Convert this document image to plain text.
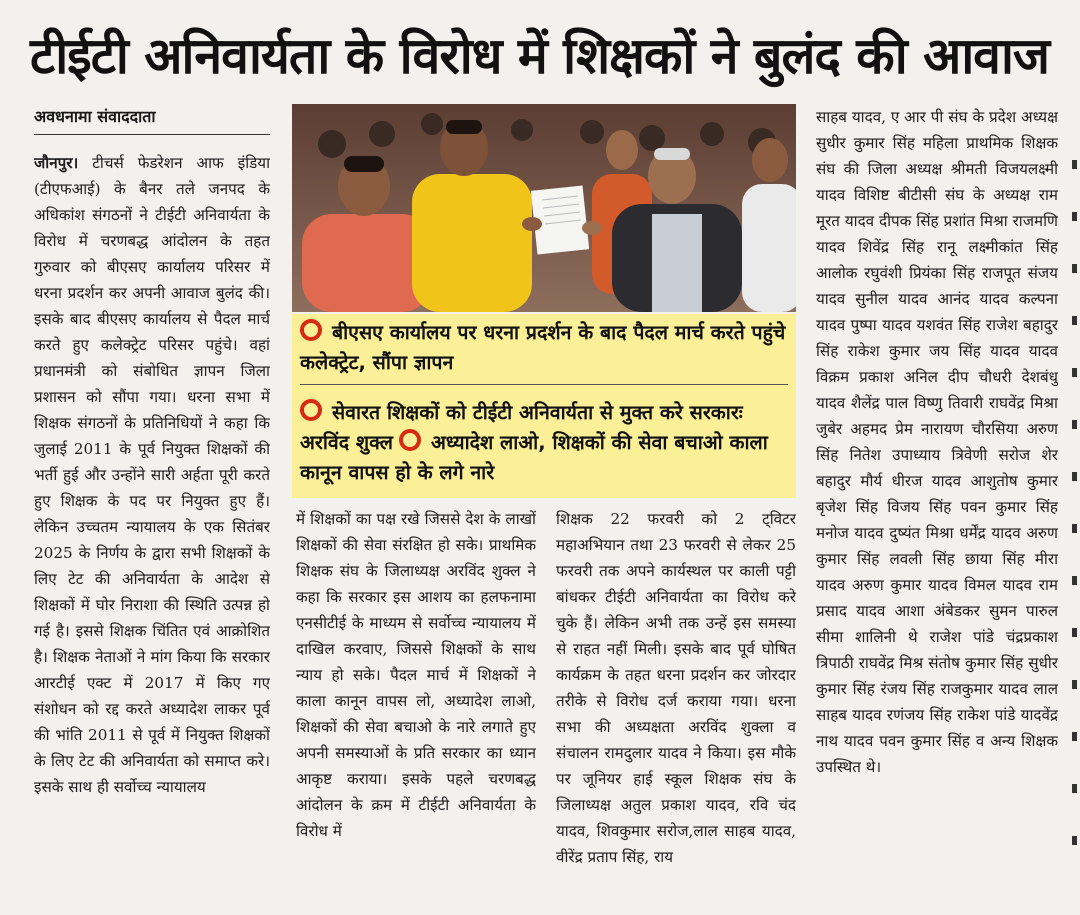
टीईटी अनिवार्यता के विरोध में शिक्षकों ने बुलंद की आवाज
अवधनामा संवाददाता
जौनपुर। टीचर्स फेडरेशन आफ इंडिया (टीएफआई) के बैनर तले जनपद के अधिकांश संगठनों ने टीईटी अनिवार्यता के विरोध में चरणबद्ध आंदोलन के तहत गुरुवार को बीएसए कार्यालय परिसर में धरना प्रदर्शन कर अपनी आवाज बुलंद की। इसके बाद बीएसए कार्यालय से पैदल मार्च करते हुए कलेक्ट्रेट परिसर पहुंचे। वहां प्रधानमंत्री को संबोधित ज्ञापन जिला प्रशासन को सौंपा गया। धरना सभा में शिक्षक संगठनों के प्रतिनिधियों ने कहा कि जुलाई 2011 के पूर्व नियुक्त शिक्षकों की भर्ती हुई और उन्होंने सारी अर्हता पूरी करते हुए शिक्षक के पद पर नियुक्त हुए हैं। लेकिन उच्चतम न्यायालय के एक सितंबर 2025 के निर्णय के द्वारा सभी शिक्षकों के लिए टेट की अनिवार्यता के आदेश से शिक्षकों में घोर निराशा की स्थिति उत्पन्न हो गई है। इससे शिक्षक चिंतित एवं आक्रोशित है। शिक्षक नेताओं ने मांग किया कि सरकार आरटीई एक्ट में 2017 में किए गए संशोधन को रद्द करते अध्यादेश लाकर पूर्व की भांति 2011 से पूर्व में नियुक्त शिक्षकों के लिए टेट की अनिवार्यता को समाप्त करे। इसके साथ ही सर्वोच्च न्यायालय
बीएसए कार्यालय पर धरना प्रदर्शन के बाद पैदल मार्च करते पहुंचे कलेक्ट्रेट, सौंपा ज्ञापन
सेवारत शिक्षकों को टीईटी अनिवार्यता से मुक्त करे सरकारः अरविंद शुक्ल अध्यादेश लाओ, शिक्षकों की सेवा बचाओ काला कानून वापस हो के लगे नारे
में शिक्षकों का पक्ष रखे जिससे देश के लाखों शिक्षकों की सेवा संरक्षित हो सके। प्राथमिक शिक्षक संघ के जिलाध्यक्ष अरविंद शुक्ल ने कहा कि सरकार इस आशय का हलफनामा एनसीटीई के माध्यम से सर्वोच्च न्यायालय में दाखिल करवाए, जिससे शिक्षकों के साथ न्याय हो सके। पैदल मार्च में शिक्षकों ने काला कानून वापस लो, अध्यादेश लाओ, शिक्षकों की सेवा बचाओ के नारे लगाते हुए अपनी समस्याओं के प्रति सरकार का ध्यान आकृष्ट कराया। इसके पहले चरणबद्ध आंदोलन के क्रम में टीईटी अनिवार्यता के विरोध में
शिक्षक 22 फरवरी को 2 ट्विटर महाअभियान तथा 23 फरवरी से लेकर 25 फरवरी तक अपने कार्यस्थल पर काली पट्टी बांधकर टीईटी अनिवार्यता का विरोध करे चुके हैं। लेकिन अभी तक उन्हें इस समस्या से राहत नहीं मिली। इसके बाद पूर्व घोषित कार्यक्रम के तहत धरना प्रदर्शन कर जोरदार तरीके से विरोध दर्ज कराया गया। धरना सभा की अध्यक्षता अरविंद शुक्ला व संचालन रामदुलार यादव ने किया। इस मौके पर जूनियर हाई स्कूल शिक्षक संघ के जिलाध्यक्ष अतुल प्रकाश यादव, रवि चंद यादव, शिवकुमार सरोज,लाल साहब यादव, वीरेंद्र प्रताप सिंह, राय
साहब यादव, ए आर पी संघ के प्रदेश अध्यक्ष सुधीर कुमार सिंह महिला प्राथमिक शिक्षक संघ की जिला अध्यक्ष श्रीमती विजयलक्ष्मी यादव विशिष्ट बीटीसी संघ के अध्यक्ष राम मूरत यादव दीपक सिंह प्रशांत मिश्रा राजमणि यादव शिवेंद्र सिंह रानू लक्ष्मीकांत सिंह आलोक रघुवंशी प्रियंका सिंह राजपूत संजय यादव सुनील यादव आनंद यादव कल्पना यादव पुष्पा यादव यशवंत सिंह राजेश बहादुर सिंह राकेश कुमार जय सिंह यादव यादव विक्रम प्रकाश अनिल दीप चौधरी देशबंधु यादव शैलेंद्र पाल विष्णु तिवारी राघवेंद्र मिश्रा जुबेर अहमद प्रेम नारायण चौरसिया अरुण सिंह नितेश उपाध्याय त्रिवेणी सरोज शेर बहादुर मौर्य धीरज यादव आशुतोष कुमार बृजेश सिंह विजय सिंह पवन कुमार सिंह मनोज यादव दुष्यंत मिश्रा धर्मेंद्र यादव अरुण कुमार सिंह लवली सिंह छाया सिंह मीरा यादव अरुण कुमार यादव विमल यादव राम प्रसाद यादव आशा अंबेडकर सुमन पारुल सीमा शालिनी थे राजेश पांडे चंद्रप्रकाश त्रिपाठी राघवेंद्र मिश्र संतोष कुमार सिंह सुधीर कुमार सिंह रंजय सिंह राजकुमार यादव लाल साहब यादव रणंजय सिंह राकेश पांडे यादवेंद्र नाथ यादव पवन कुमार सिंह व अन्य शिक्षक उपस्थित थे।
